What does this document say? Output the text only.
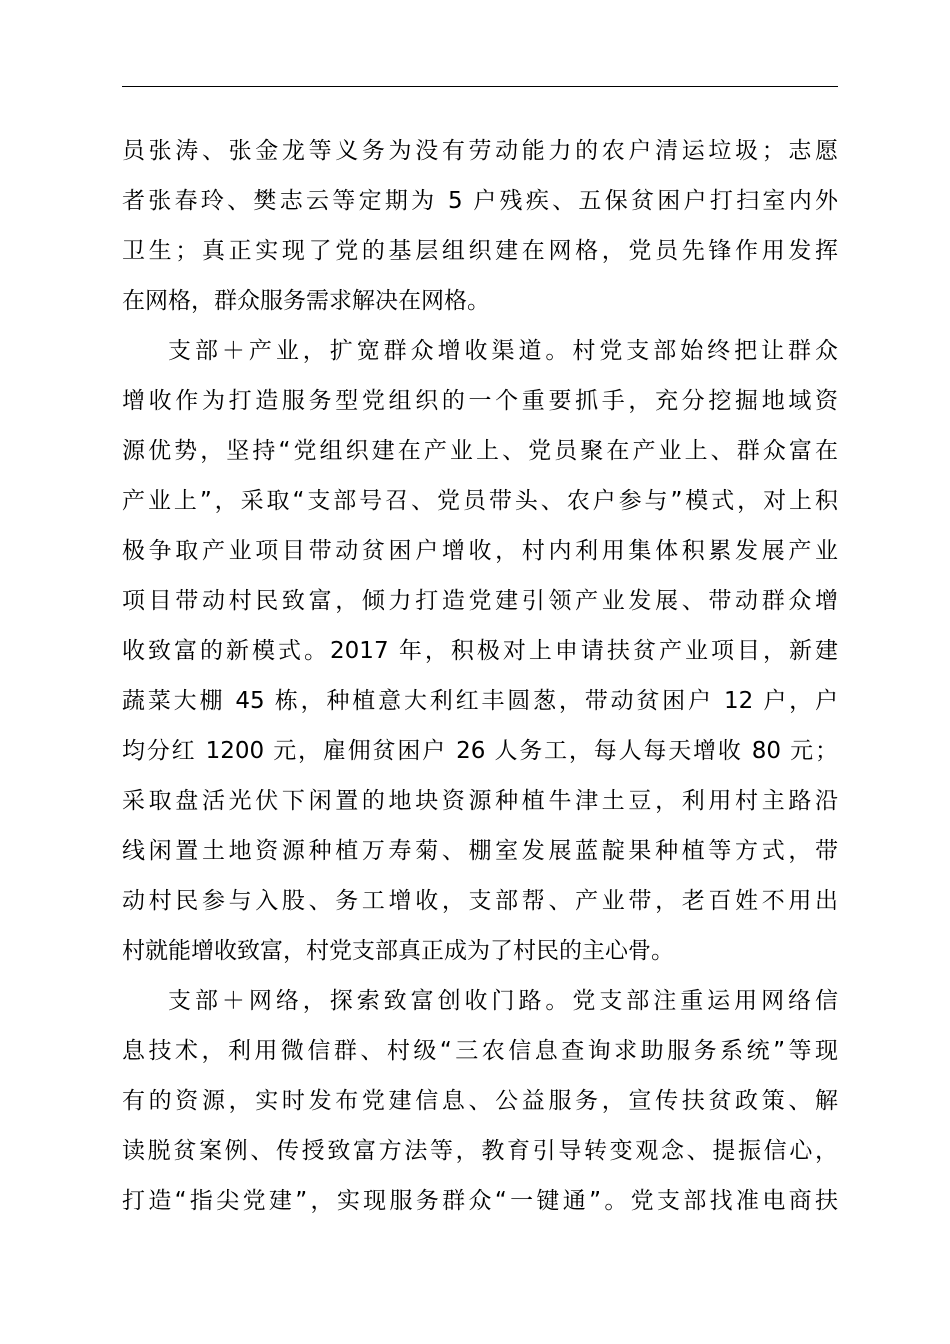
员张涛、张金龙等义务为没有劳动能力的农户清运垃圾；志愿
者张春玲、樊志云等定期为 5 户残疾、五保贫困户打扫室内外
卫生；真正实现了党的基层组织建在网格，党员先锋作用发挥
在网格，群众服务需求解决在网格。
支部＋产业，扩宽群众增收渠道。村党支部始终把让群众
增收作为打造服务型党组织的一个重要抓手，充分挖掘地域资
源优势，坚持“党组织建在产业上、党员聚在产业上、群众富在
产业上”，采取“支部号召、党员带头、农户参与”模式，对上积
极争取产业项目带动贫困户增收，村内利用集体积累发展产业
项目带动村民致富，倾力打造党建引领产业发展、带动群众增
收致富的新模式。2017 年，积极对上申请扶贫产业项目，新建
蔬菜大棚 45 栋，种植意大利红丰圆葱，带动贫困户 12 户，户
均分红 1200 元，雇佣贫困户 26 人务工，每人每天增收 80 元；
采取盘活光伏下闲置的地块资源种植牛津土豆，利用村主路沿
线闲置土地资源种植万寿菊、棚室发展蓝靛果种植等方式，带
动村民参与入股、务工增收，支部帮、产业带，老百姓不用出
村就能增收致富，村党支部真正成为了村民的主心骨。
支部＋网络，探索致富创收门路。党支部注重运用网络信
息技术，利用微信群、村级“三农信息查询求助服务系统”等现
有的资源，实时发布党建信息、公益服务，宣传扶贫政策、解
读脱贫案例、传授致富方法等，教育引导转变观念、提振信心，
打造“指尖党建”，实现服务群众“一键通”。党支部找准电商扶
